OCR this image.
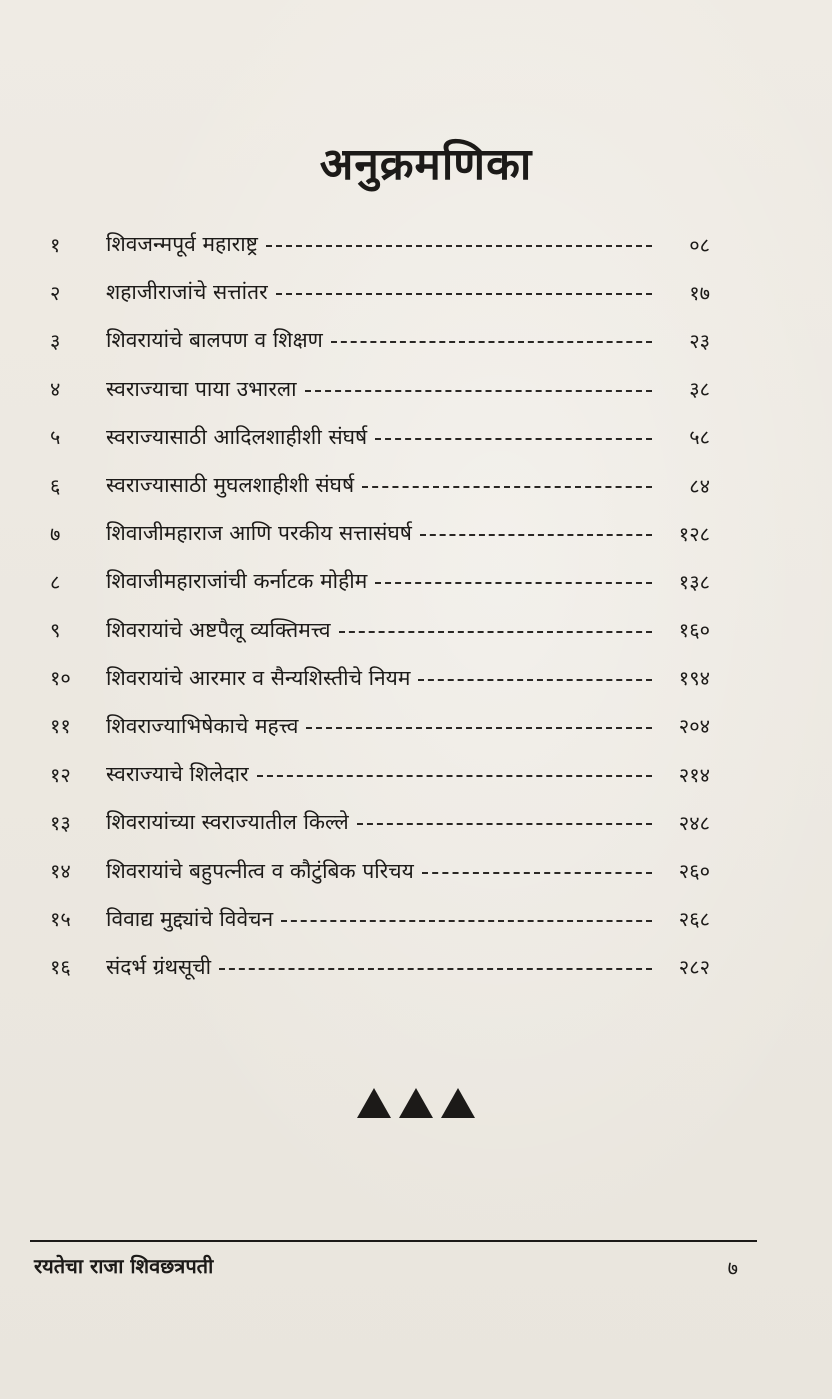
अनुक्रमणिका
१	शिवजन्मपूर्व महाराष्ट्र	०८
२	शहाजीराजांचे सत्तांतर	१७
३	शिवरायांचे बालपण व शिक्षण	२३
४	स्वराज्याचा पाया उभारला	३८
५	स्वराज्यासाठी आदिलशाहीशी संघर्ष	५८
६	स्वराज्यासाठी मुघलशाहीशी संघर्ष	८४
७	शिवाजीमहाराज आणि परकीय सत्तासंघर्ष	१२८
८	शिवाजीमहाराजांची कर्नाटक मोहीम	१३८
९	शिवरायांचे अष्टपैलू व्यक्तिमत्त्व	१६०
१०	शिवरायांचे आरमार व सैन्यशिस्तीचे नियम	१९४
११	शिवराज्याभिषेकाचे महत्त्व	२०४
१२	स्वराज्याचे शिलेदार	२१४
१३	शिवरायांच्या स्वराज्यातील किल्ले	२४८
१४	शिवरायांचे बहुपत्नीत्व व कौटुंबिक परिचय	२६०
१५	विवाद्य मुद्द्यांचे विवेचन	२६८
१६	संदर्भ ग्रंथसूची	२८२
रयतेचा राजा शिवछत्रपती	७
